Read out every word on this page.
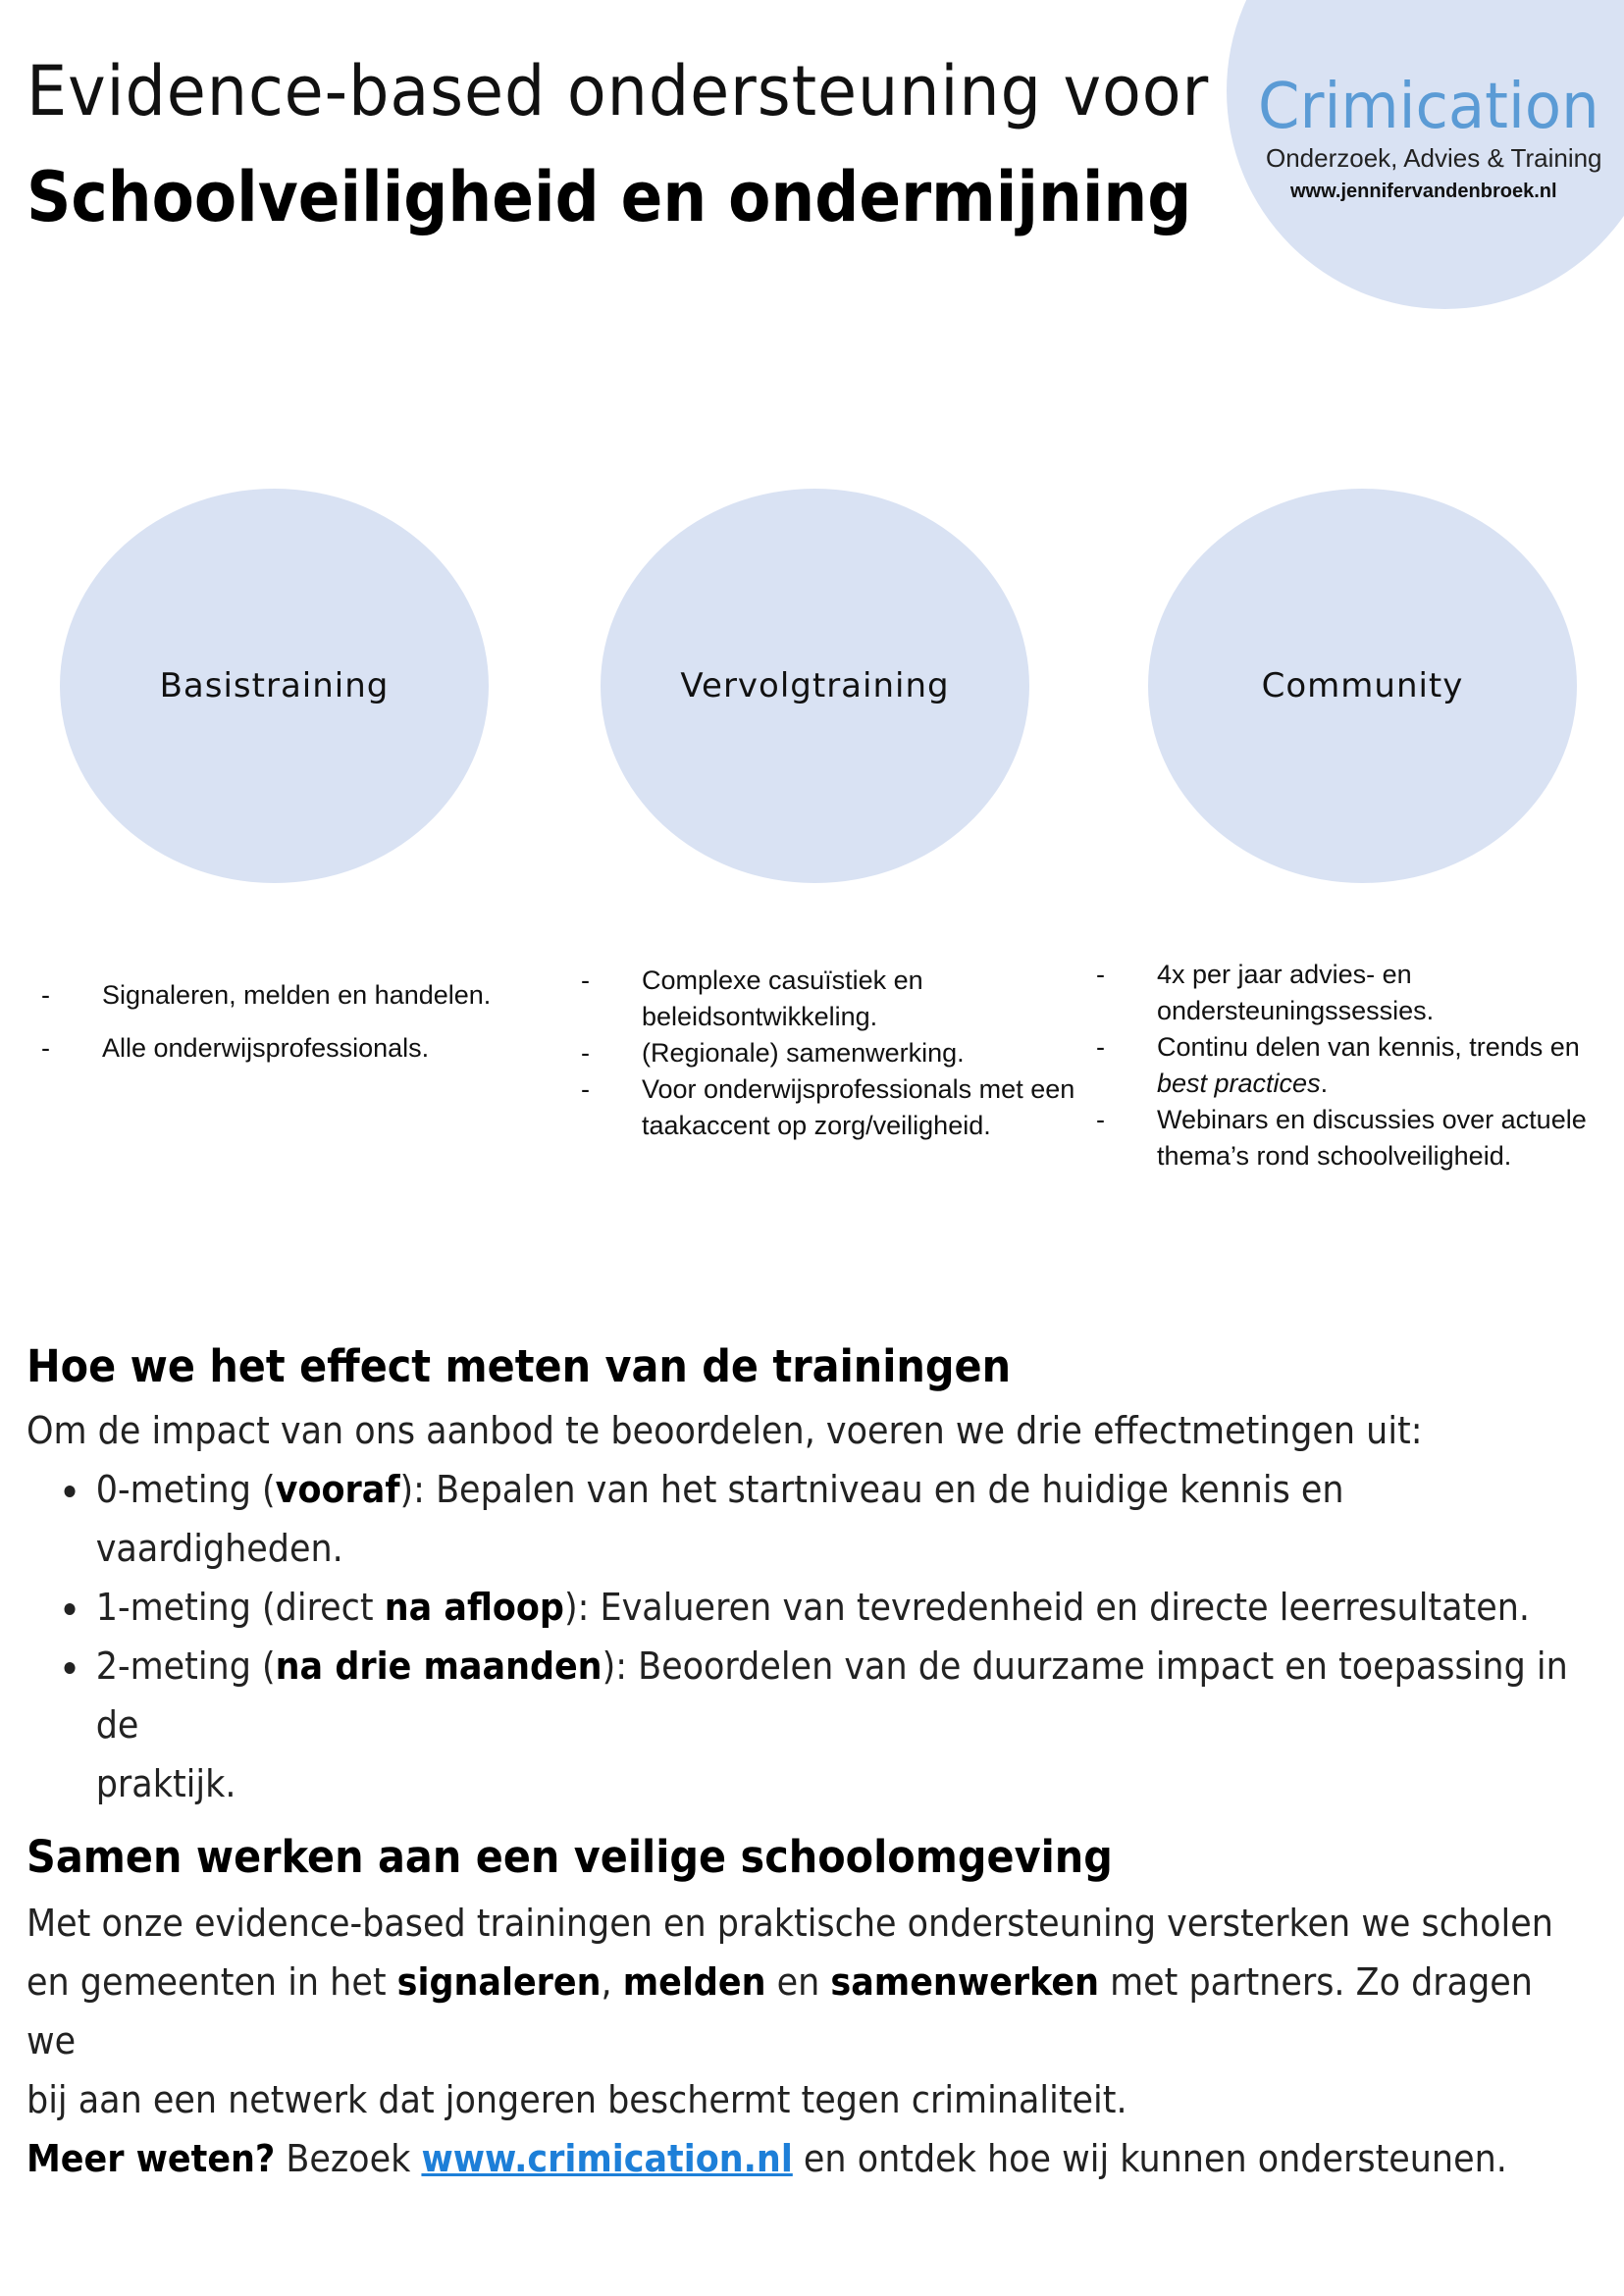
Evidence-based ondersteuning voor
Schoolveiligheid en ondermijning
Crimication
Onderzoek, Advies & Training
www.jennifervandenbroek.nl
Basistraining	Vervolgtraining	Community
- Signaleren, melden en handelen.
- Alle onderwijsprofessionals.
- Complexe casuïstiek en beleidsontwikkeling.
- (Regionale) samenwerking.
- Voor onderwijsprofessionals met een taakaccent op zorg/veiligheid.
- 4x per jaar advies- en ondersteuningssessies.
- Continu delen van kennis, trends en best practices.
- Webinars en discussies over actuele thema’s rond schoolveiligheid.
Hoe we het effect meten van de trainingen
Om de impact van ons aanbod te beoordelen, voeren we drie effectmetingen uit:
0-meting (vooraf): Bepalen van het startniveau en de huidige kennis en vaardigheden.
1-meting (direct na afloop): Evalueren van tevredenheid en directe leerresultaten.
2-meting (na drie maanden): Beoordelen van de duurzame impact en toepassing in de
praktijk.
Samen werken aan een veilige schoolomgeving
Met onze evidence-based trainingen en praktische ondersteuning versterken we scholen
en gemeenten in het signaleren, melden en samenwerken met partners. Zo dragen we
bij aan een netwerk dat jongeren beschermt tegen criminaliteit.
Meer weten? Bezoek www.crimication.nl en ontdek hoe wij kunnen ondersteunen.
